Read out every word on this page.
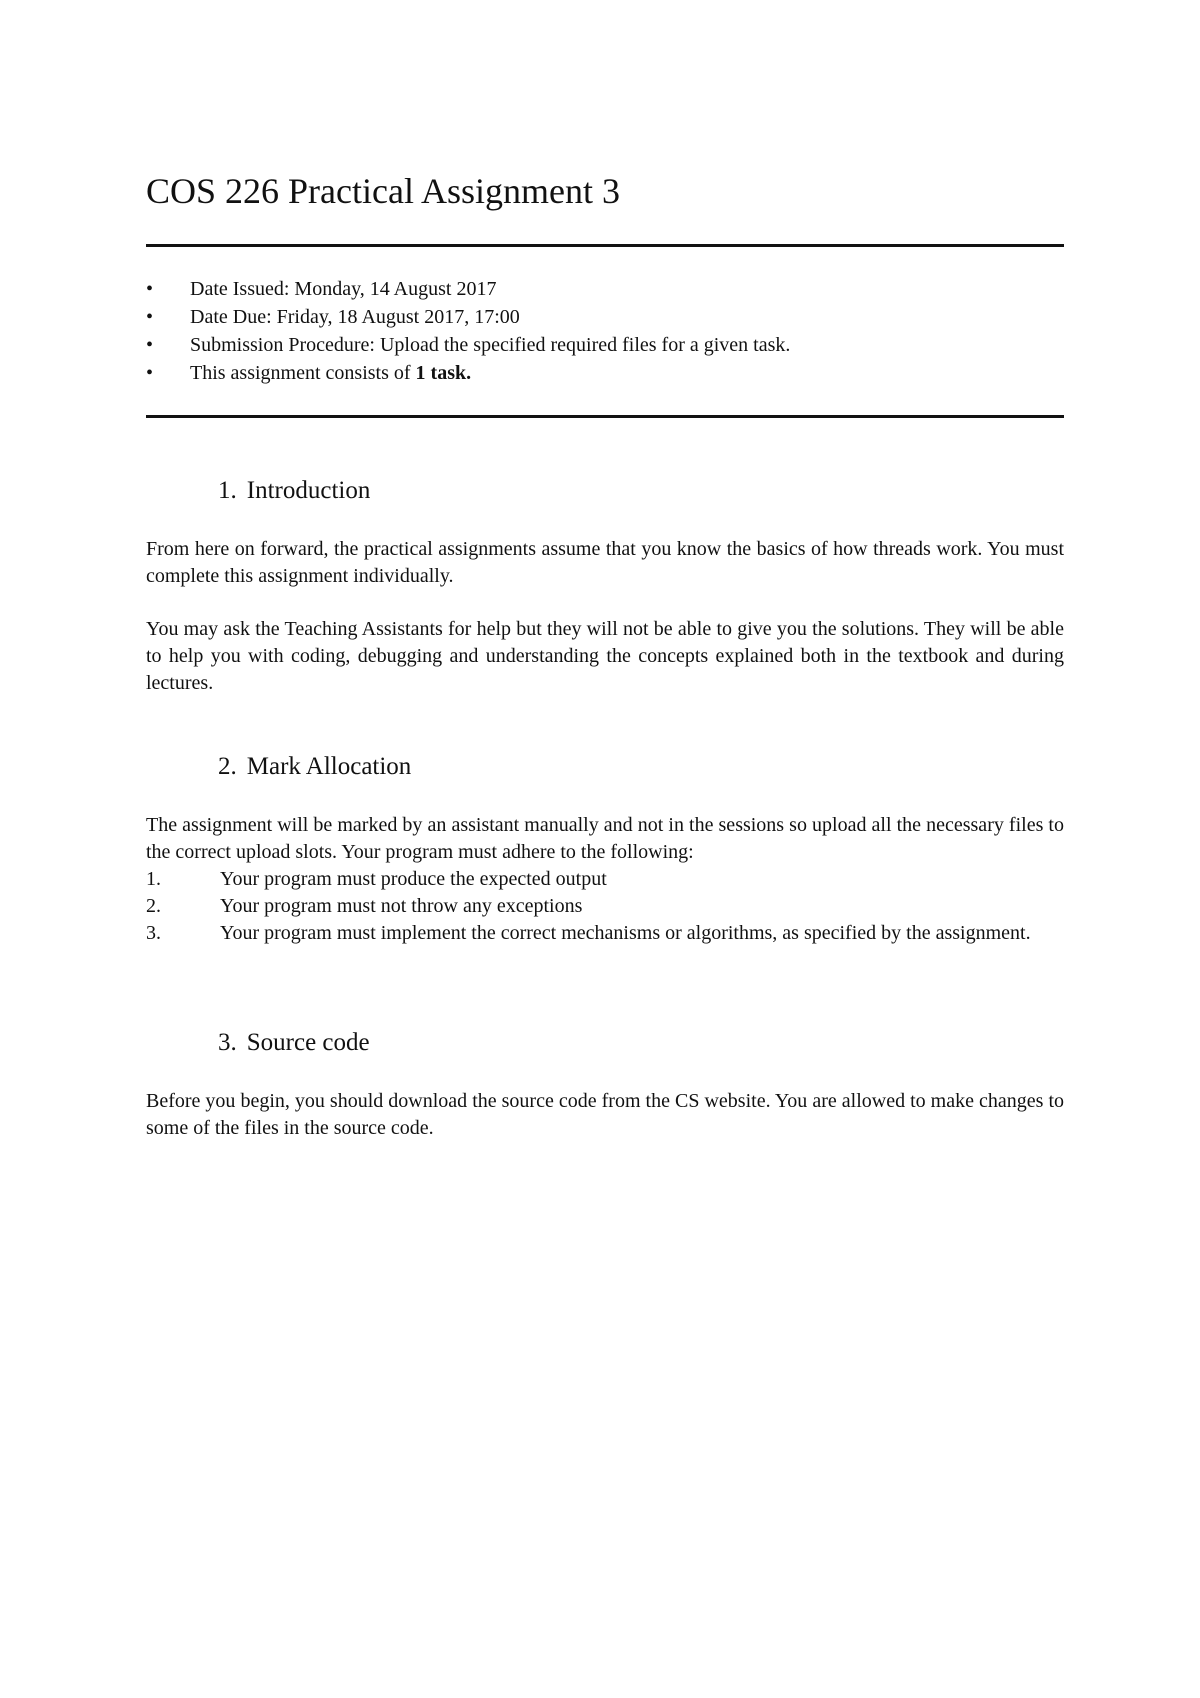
COS 226 Practical Assignment 3
• Date Issued: Monday, 14 August 2017
• Date Due: Friday, 18 August 2017, 17:00
• Submission Procedure: Upload the specified required files for a given task.
• This assignment consists of 1 task.
1. Introduction

From here on forward, the practical assignments assume that you know the basics of how threads work. You must complete this assignment individually.

You may ask the Teaching Assistants for help but they will not be able to give you the solutions. They will be able to help you with coding, debugging and understanding the concepts explained both in the textbook and during lectures.

2. Mark Allocation

The assignment will be marked by an assistant manually and not in the sessions so upload all the necessary files to the correct upload slots. Your program must adhere to the following:

1.	Your program must produce the expected output
2.	Your program must not throw any exceptions
3.	Your program must implement the correct mechanisms or algorithms, as specified by the assignment.
3. Source code

Before you begin, you should download the source code from the CS website. You are allowed to make changes to some of the files in the source code.
